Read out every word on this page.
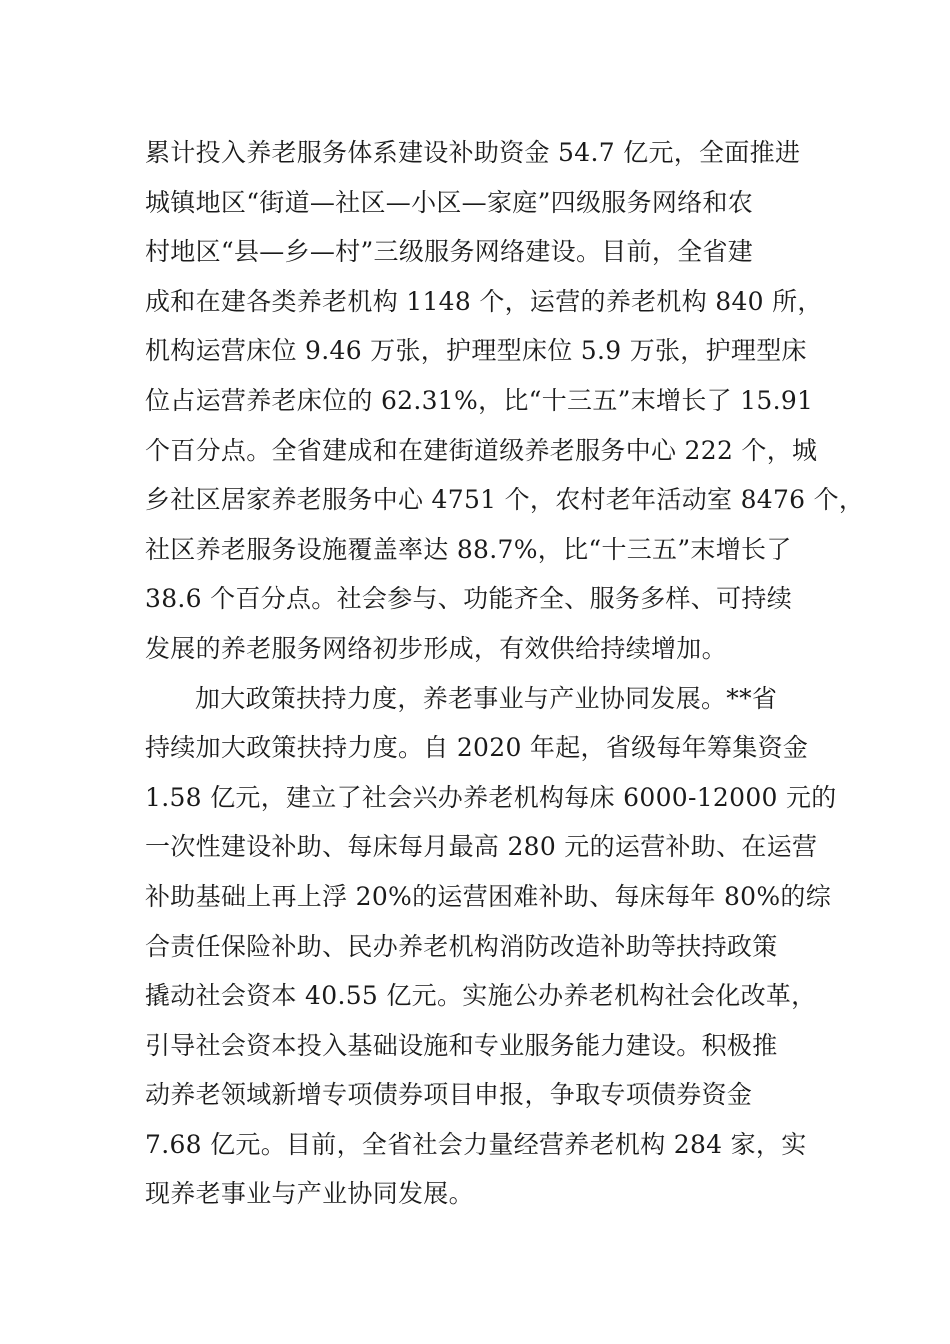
累计投入养老服务体系建设补助资金 54.7 亿元，全面推进
城镇地区“街道—社区—小区—家庭”四级服务网络和农
村地区“县—乡—村”三级服务网络建设。目前，全省建
成和在建各类养老机构 1148 个，运营的养老机构 840 所，
机构运营床位 9.46 万张，护理型床位 5.9 万张，护理型床
位占运营养老床位的 62.31%，比“十三五”末增长了 15.91
个百分点。全省建成和在建街道级养老服务中心 222 个，城
乡社区居家养老服务中心 4751 个，农村老年活动室 8476 个，
社区养老服务设施覆盖率达 88.7%，比“十三五”末增长了
38.6 个百分点。社会参与、功能齐全、服务多样、可持续
发展的养老服务网络初步形成，有效供给持续增加。
加大政策扶持力度，养老事业与产业协同发展。**省
持续加大政策扶持力度。自 2020 年起，省级每年筹集资金
1.58 亿元，建立了社会兴办养老机构每床 6000-12000 元的
一次性建设补助、每床每月最高 280 元的运营补助、在运营
补助基础上再上浮 20%的运营困难补助、每床每年 80%的综
合责任保险补助、民办养老机构消防改造补助等扶持政策
撬动社会资本 40.55 亿元。实施公办养老机构社会化改革，
引导社会资本投入基础设施和专业服务能力建设。积极推
动养老领域新增专项债券项目申报，争取专项债券资金
7.68 亿元。目前，全省社会力量经营养老机构 284 家，实
现养老事业与产业协同发展。
